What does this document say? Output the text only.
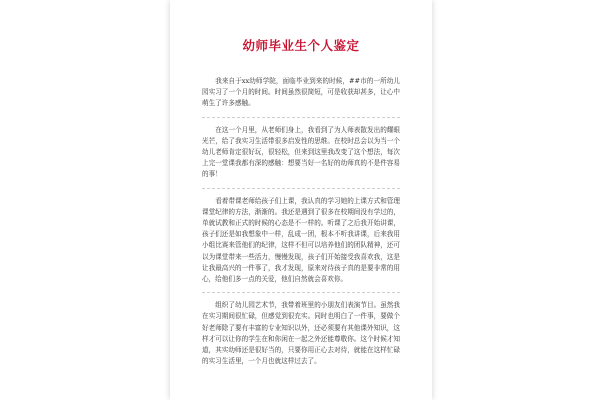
幼师毕业生个人鉴定

我来自于xx幼师学院，面临毕业到来的时候，##市的一所幼儿园实习了一个月的时间。时间虽然很简短，可是收获却甚多，让心中萌生了许多感触。

在这一个月里，从老师们身上，我看到了为人师表散发出的耀眼光芒，给了我实习生活带很多启发性的思维。在校时总会以为当一个幼儿老师肯定很好玩，很轻松，但来到这里我改变了这个想法，每次上完一堂课我都有深的感触：想要当好一名好的幼师真的不是件容易的事！

看着带课老师给孩子们上课，我认真的学习她的上课方式和管理课堂纪律的方法，渐渐的。我还是遇到了很多在校期间没有学过的，单就试教和正式的时候的心态是不一样的。听课了之后我开始讲课，孩子们还是如我想象中一样，乱成一团，根本不听我讲课，后来我用小组比赛来管他们的纪律，这样不但可以培养他们的团队精神，还可以为课堂带来一些活力，慢慢发现，孩子们开始接受我喜欢我，这是让我最高兴的一件事了，我才发现，原来对待孩子真的是要非常的用心，给他们多一点的关爱，他们自然就会喜欢你。

组织了幼儿园艺术节，我带着班里的小朋友们表演节目。虽然我在实习期间很忙碌，但感觉到很充实。同时也明白了一件事，要做个好老师除了要有丰富的专业知识以外，还必须要有其他课外知识，这样才可以让你的学生在和你闲在一起之外还能尊敬你。这个时候才知道，其实幼师还是很好当的，只要你用正心去对待，就能在这样忙碌的实习生活里，一个月也就这样过去了。
